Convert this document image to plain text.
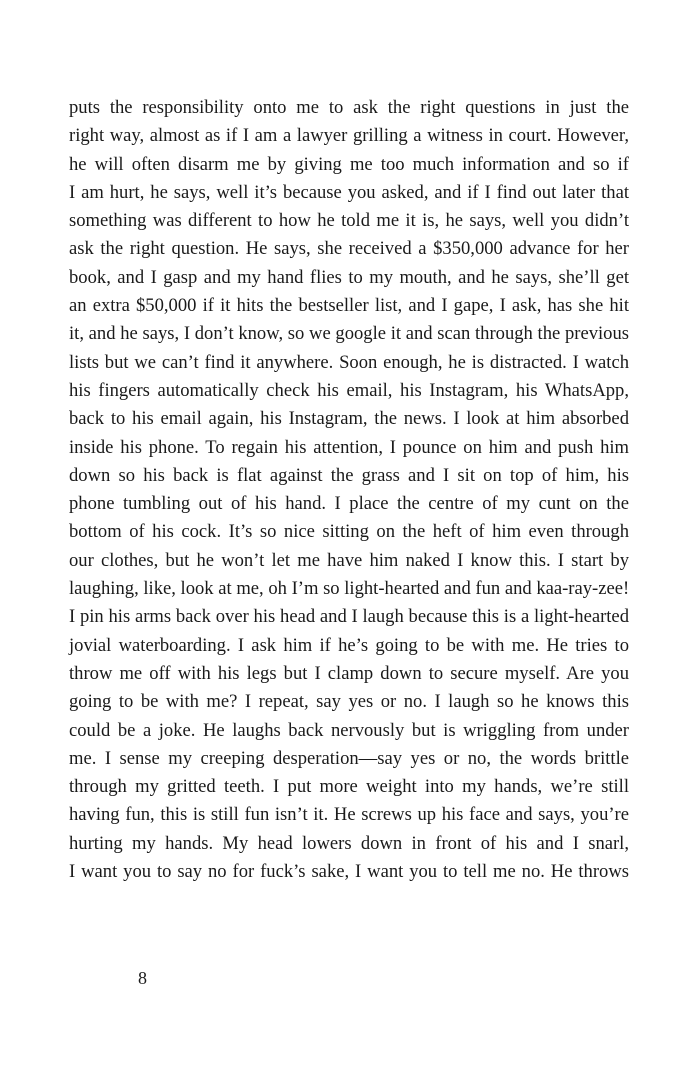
puts the responsibility onto me to ask the right questions in just the
right way, almost as if I am a lawyer grilling a witness in court. However,
he will often disarm me by giving me too much information and so if
I am hurt, he says, well it’s because you asked, and if I find out later that
something was different to how he told me it is, he says, well you didn’t
ask the right question. He says, she received a $350,000 advance for her
book, and I gasp and my hand flies to my mouth, and he says, she’ll get
an extra $50,000 if it hits the bestseller list, and I gape, I ask, has she hit
it, and he says, I don’t know, so we google it and scan through the previous
lists but we can’t find it anywhere. Soon enough, he is distracted. I watch
his fingers automatically check his email, his Instagram, his WhatsApp,
back to his email again, his Instagram, the news. I look at him absorbed
inside his phone. To regain his attention, I pounce on him and push him
down so his back is flat against the grass and I sit on top of him, his
phone tumbling out of his hand. I place the centre of my cunt on the
bottom of his cock. It’s so nice sitting on the heft of him even through
our clothes, but he won’t let me have him naked I know this. I start by
laughing, like, look at me, oh I’m so light-hearted and fun and kaa-ray-zee!
I pin his arms back over his head and I laugh because this is a light-hearted
jovial waterboarding. I ask him if he’s going to be with me. He tries to
throw me off with his legs but I clamp down to secure myself. Are you
going to be with me? I repeat, say yes or no. I laugh so he knows this
could be a joke. He laughs back nervously but is wriggling from under
me. I sense my creeping desperation—say yes or no, the words brittle
through my gritted teeth. I put more weight into my hands, we’re still
having fun, this is still fun isn’t it. He screws up his face and says, you’re
hurting my hands. My head lowers down in front of his and I snarl,
I want you to say no for fuck’s sake, I want you to tell me no. He throws
8
